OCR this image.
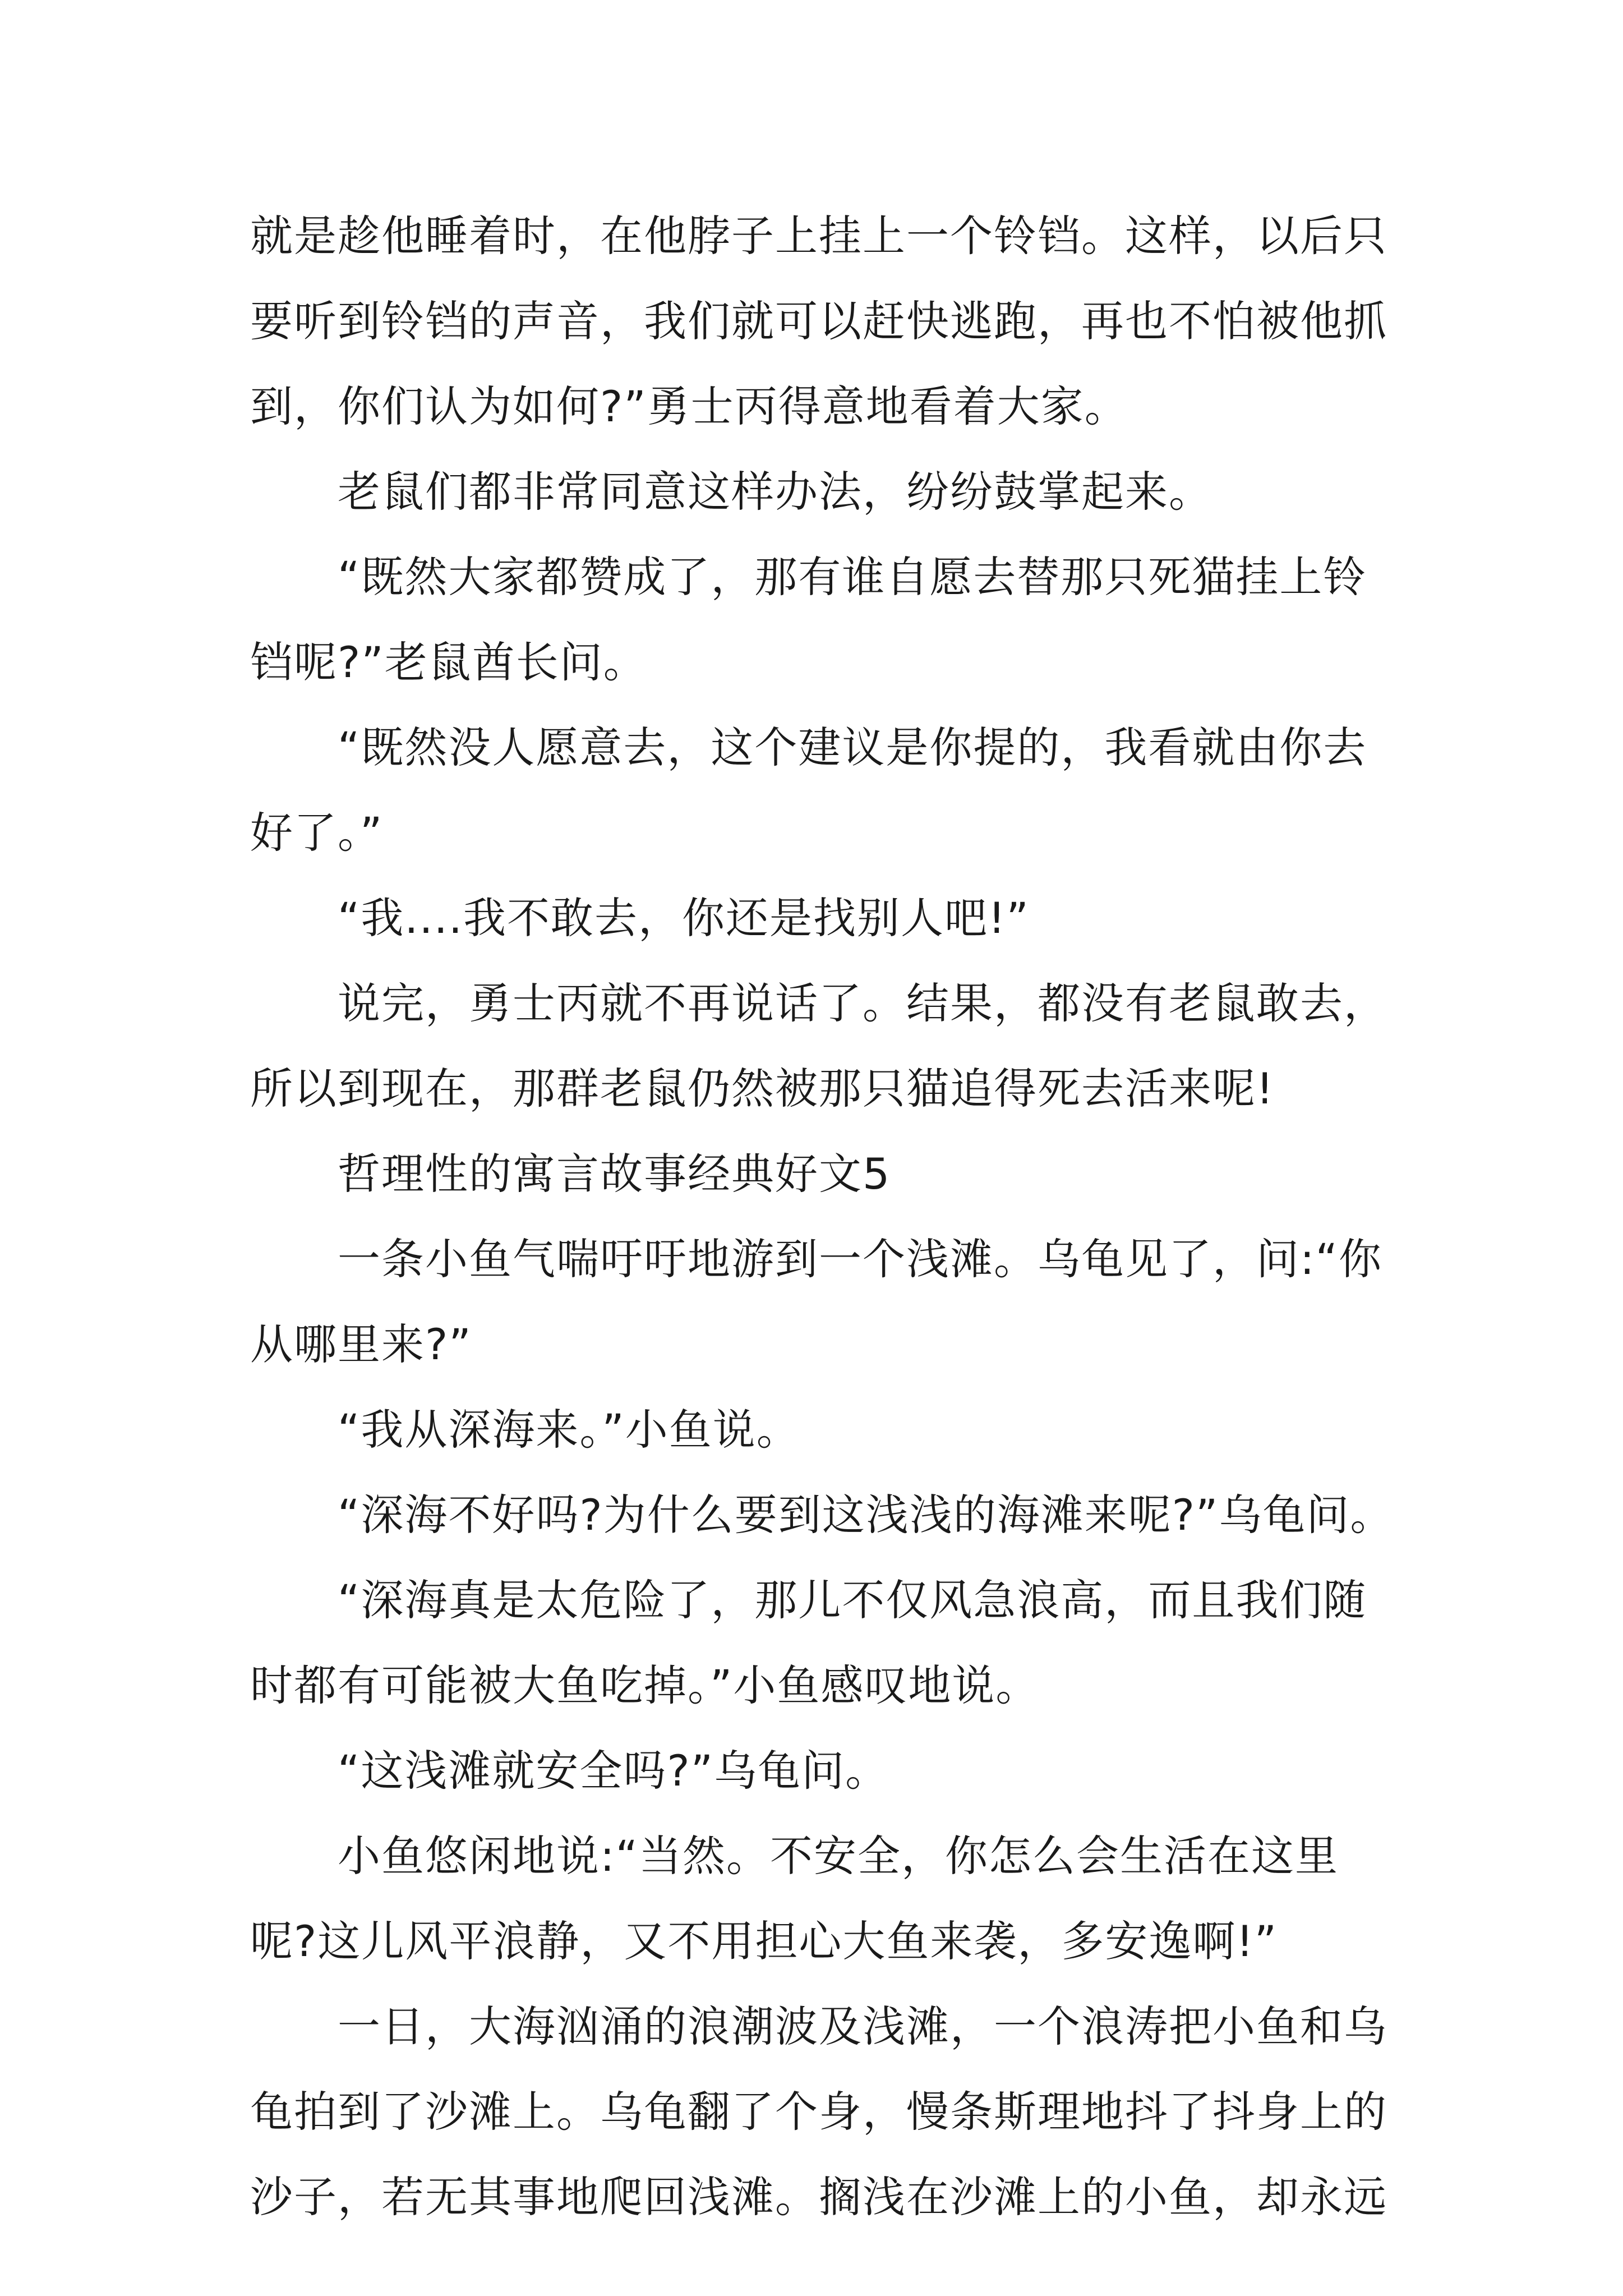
就是趁他睡着时，在他脖子上挂上一个铃铛。这样，以后只
要听到铃铛的声音，我们就可以赶快逃跑，再也不怕被他抓
到，你们认为如何?”勇士丙得意地看着大家。
老鼠们都非常同意这样办法，纷纷鼓掌起来。
“既然大家都赞成了，那有谁自愿去替那只死猫挂上铃
铛呢?”老鼠酋长问。
“既然没人愿意去，这个建议是你提的，我看就由你去
好了。”
“我....我不敢去，你还是找别人吧!”
说完，勇士丙就不再说话了。结果，都没有老鼠敢去，
所以到现在，那群老鼠仍然被那只猫追得死去活来呢!
哲理性的寓言故事经典好文5
一条小鱼气喘吁吁地游到一个浅滩。乌龟见了，问:“你
从哪里来?”
“我从深海来。”小鱼说。
“深海不好吗?为什么要到这浅浅的海滩来呢?”乌龟问。
“深海真是太危险了，那儿不仅风急浪高，而且我们随
时都有可能被大鱼吃掉。”小鱼感叹地说。
“这浅滩就安全吗?”乌龟问。
小鱼悠闲地说:“当然。不安全，你怎么会生活在这里
呢?这儿风平浪静，又不用担心大鱼来袭，多安逸啊!”
一日，大海汹涌的浪潮波及浅滩，一个浪涛把小鱼和乌
龟拍到了沙滩上。乌龟翻了个身，慢条斯理地抖了抖身上的
沙子，若无其事地爬回浅滩。搁浅在沙滩上的小鱼，却永远
